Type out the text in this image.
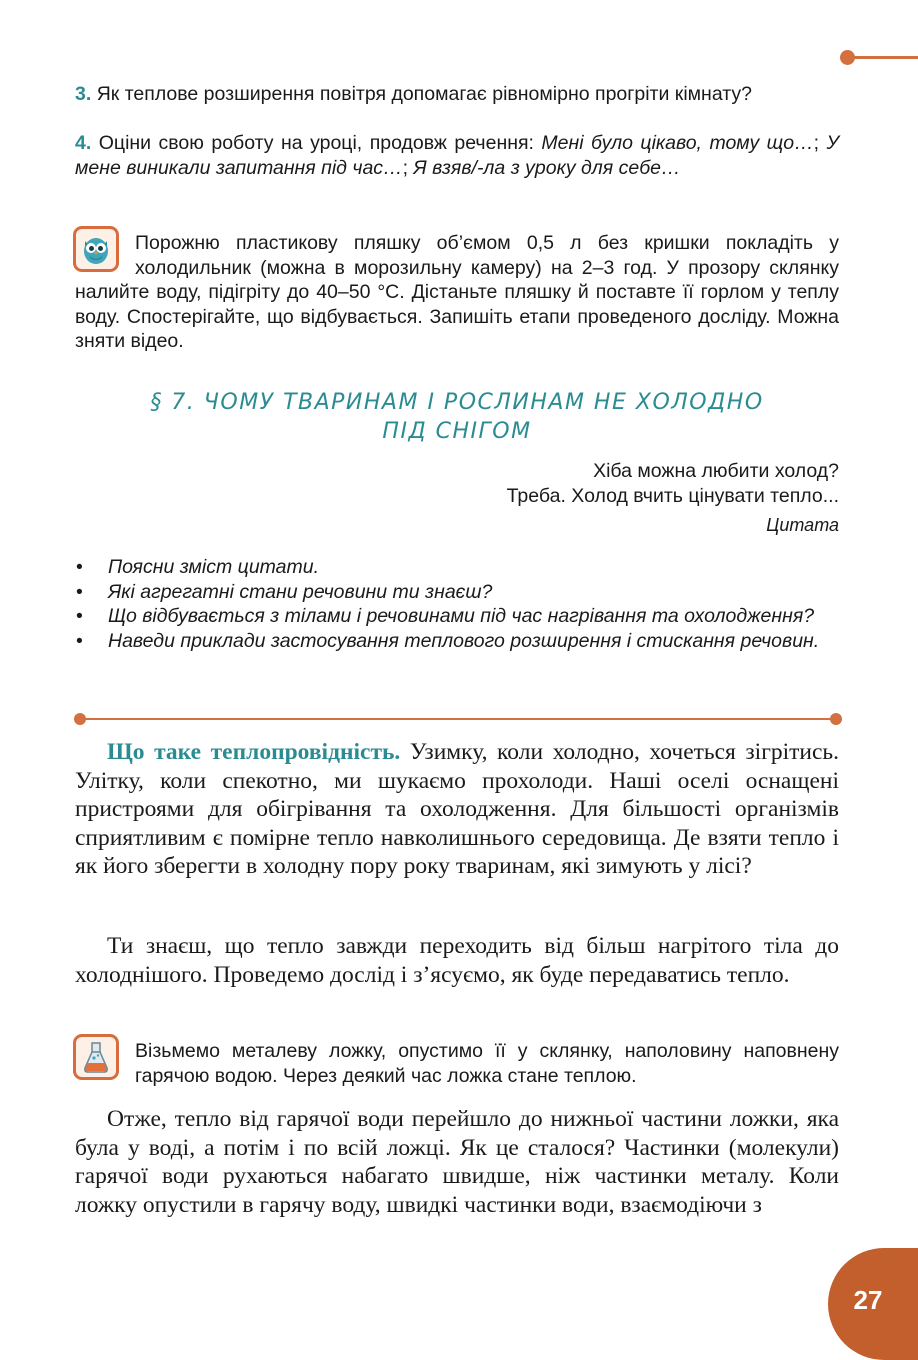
3. Як теплове розширення повітря допомагає рівномірно прогріти кімнату?
4. Оціни свою роботу на уроці, продовж речення: Мені було цікаво, тому що…; У мене виникали запитання під час…; Я взяв/-ла з уроку для себе…
Порожню пластикову пляшку об’ємом 0,5 л без кришки покладіть у холодильник (можна в морозильну камеру) на 2–3 год. У прозору склянку налийте воду, підігріту до 40–50 °С. Дістаньте пляшку й поставте її горлом у теплу воду. Спостерігайте, що відбувається. Запишіть етапи проведеного досліду. Можна зняти відео.
§ 7. ЧОМУ ТВАРИНАМ І РОСЛИНАМ НЕ ХОЛОДНО
ПІД СНІГОМ
Хіба можна любити холод?
Треба. Холод вчить цінувати тепло...
Цитата
• Поясни зміст цитати.
• Які агрегатні стани речовини ти знаєш?
• Що відбувається з тілами і речовинами під час нагрівання та охолодження?
• Наведи приклади застосування теплового розширення і стискання речовин.

Що таке теплопровідність. Узимку, коли холодно, хочеться зігрітись. Улітку, коли спекотно, ми шукаємо прохолоди. Наші оселі оснащені пристроями для обігрівання та охолодження. Для більшості організмів сприятливим є помірне тепло навколишнього середовища. Де взяти тепло і як його зберегти в холодну пору року тваринам, які зимують у лісі?

Ти знаєш, що тепло завжди переходить від більш нагрітого тіла до холоднішого. Проведемо дослід і з’ясуємо, як буде передаватись тепло.

Візьмемо металеву ложку, опустимо її у склянку, наполовину наповнену гарячою водою. Через деякий час ложка стане теплою.

Отже, тепло від гарячої води перейшло до нижньої частини ложки, яка була у воді, а потім і по всій ложці. Як це сталося? Частинки (молекули) гарячої води рухаються набагато швидше, ніж частинки металу. Коли ложку опустили в гарячу воду, швидкі частинки води, взаємодіючи з

27
